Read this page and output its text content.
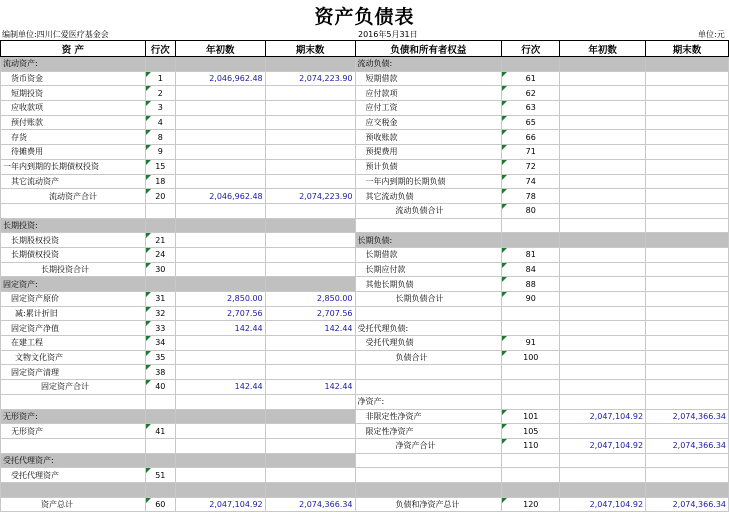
资产负债表
编制单位:四川仁爱医疗基金会	2016年5月31日	单位:元
资 产	行次	年初数	期末数	负债和所有者权益	行次	年初数	期末数
流动资产:				流动负债:			
货币资金	1	2,046,962.48	2,074,223.90	短期借款	61		
短期投资	2			应付款项	62		
应收款项	3			应付工资	63		
预付账款	4			应交税金	65		
存货	8			预收账款	66		
待摊费用	9			预提费用	71		
一年内到期的长期债权投资	15			预计负债	72		
其它流动资产	18			一年内到期的长期负债	74		
流动资产合计	20	2,046,962.48	2,074,223.90	其它流动负债	78		
				流动负债合计	80		
长期投资:							
长期股权投资	21			长期负债:			
长期债权投资	24			长期借款	81		
长期投资合计	30			长期应付款	84		
固定资产:				其他长期负债	88		
固定资产原价	31	2,850.00	2,850.00	长期负债合计	90		
减:累计折旧	32	2,707.56	2,707.56				
固定资产净值	33	142.44	142.44	受托代理负债:			
在建工程	34			受托代理负债	91		
文物文化资产	35			负债合计	100		
固定资产清理	38						
固定资产合计	40	142.44	142.44				
				净资产:			
无形资产:				非限定性净资产	101	2,047,104.92	2,074,366.34
无形资产	41			限定性净资产	105		
				净资产合计	110	2,047,104.92	2,074,366.34
受托代理资产:							
受托代理资产	51						

资产总计	60	2,047,104.92	2,074,366.34	负债和净资产总计	120	2,047,104.92	2,074,366.34
